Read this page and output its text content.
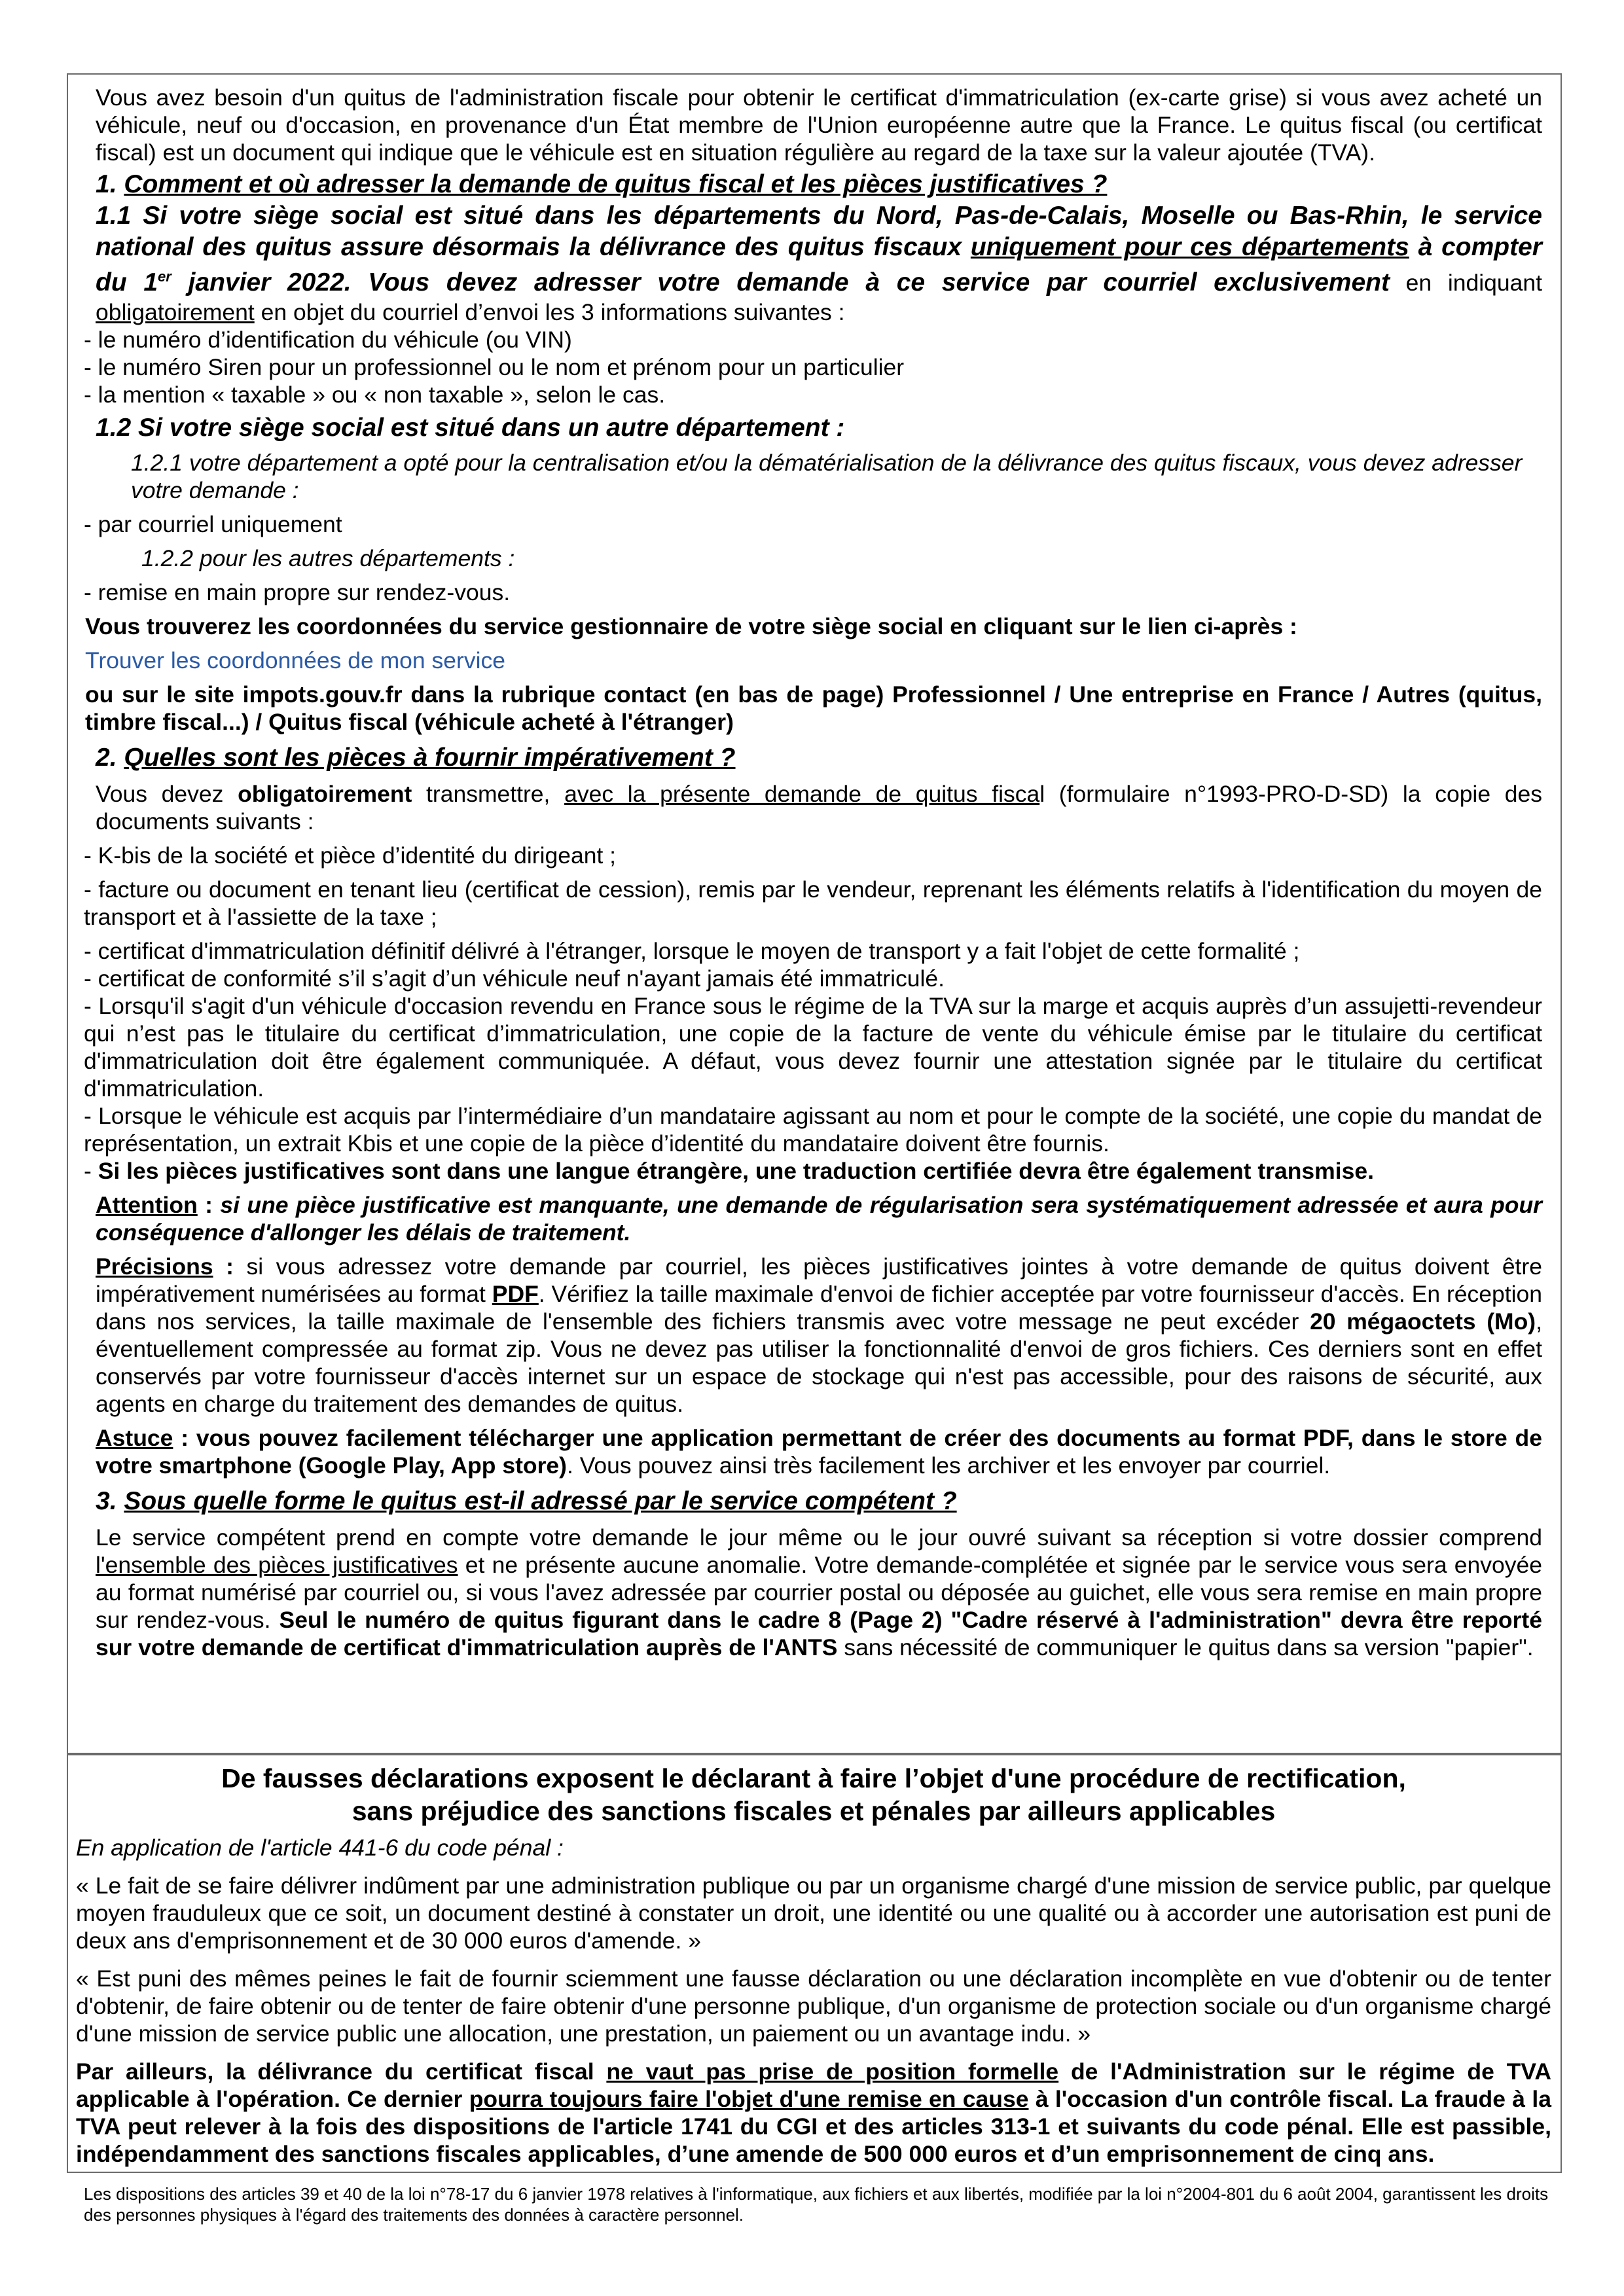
Vous avez besoin d'un quitus de l'administration fiscale pour obtenir le certificat d'immatriculation (ex-carte grise) si vous avez acheté un véhicule, neuf ou d'occasion, en provenance d'un État membre de l'Union européenne autre que la France. Le quitus fiscal (ou certificat fiscal) est un document qui indique que le véhicule est en situation régulière au regard de la taxe sur la valeur ajoutée (TVA).

1. Comment et où adresser la demande de quitus fiscal et les pièces justificatives ?

1.1 Si votre siège social est situé dans les départements du Nord, Pas-de-Calais, Moselle ou Bas-Rhin, le service national des quitus assure désormais la délivrance des quitus fiscaux uniquement pour ces départements à compter du 1er janvier 2022. Vous devez adresser votre demande à ce service par courriel exclusivement en indiquant obligatoirement en objet du courriel d’envoi les 3 informations suivantes :

- le numéro d’identification du véhicule (ou VIN)

- le numéro Siren pour un professionnel ou le nom et prénom pour un particulier

- la mention « taxable » ou « non taxable », selon le cas.

1.2 Si votre siège social est situé dans un autre département :

1.2.1 votre département a opté pour la centralisation et/ou la dématérialisation de la délivrance des quitus fiscaux, vous devez adresser votre demande :

- par courriel uniquement

1.2.2 pour les autres départements :

- remise en main propre sur rendez-vous.

Vous trouverez les coordonnées du service gestionnaire de votre siège social en cliquant sur le lien ci-après :

Trouver les coordonnées de mon service

ou sur le site impots.gouv.fr dans la rubrique contact (en bas de page) Professionnel / Une entreprise en France / Autres (quitus, timbre fiscal...) / Quitus fiscal (véhicule acheté à l'étranger)

2. Quelles sont les pièces à fournir impérativement ?

Vous devez obligatoirement transmettre, avec la présente demande de quitus fiscal (formulaire n°1993-PRO-D-SD) la copie des documents suivants :

- K-bis de la société et pièce d’identité du dirigeant ;

- facture ou document en tenant lieu (certificat de cession), remis par le vendeur, reprenant les éléments relatifs à l'identification du moyen de transport et à l'assiette de la taxe ;

- certificat d'immatriculation définitif délivré à l'étranger, lorsque le moyen de transport y a fait l'objet de cette formalité ;

- certificat de conformité s’il s’agit d’un véhicule neuf n'ayant jamais été immatriculé.

- Lorsqu'il s'agit d'un véhicule d'occasion revendu en France sous le régime de la TVA sur la marge et acquis auprès d’un assujetti-revendeur qui n’est pas le titulaire du certificat d’immatriculation, une copie de la facture de vente du véhicule émise par le titulaire du certificat d'immatriculation doit être également communiquée. A défaut, vous devez fournir une attestation signée par le titulaire du certificat d'immatriculation.

- Lorsque le véhicule est acquis par l’intermédiaire d’un mandataire agissant au nom et pour le compte de la société, une copie du mandat de représentation, un extrait Kbis et une copie de la pièce d’identité du mandataire doivent être fournis.

- Si les pièces justificatives sont dans une langue étrangère, une traduction certifiée devra être également transmise.

Attention : si une pièce justificative est manquante, une demande de régularisation sera systématiquement adressée et aura pour conséquence d'allonger les délais de traitement.

Précisions : si vous adressez votre demande par courriel, les pièces justificatives jointes à votre demande de quitus doivent être impérativement numérisées au format PDF. Vérifiez la taille maximale d'envoi de fichier acceptée par votre fournisseur d'accès. En réception dans nos services, la taille maximale de l'ensemble des fichiers transmis avec votre message ne peut excéder 20 mégaoctets (Mo), éventuellement compressée au format zip. Vous ne devez pas utiliser la fonctionnalité d'envoi de gros fichiers. Ces derniers sont en effet conservés par votre fournisseur d'accès internet sur un espace de stockage qui n'est pas accessible, pour des raisons de sécurité, aux agents en charge du traitement des demandes de quitus.

Astuce : vous pouvez facilement télécharger une application permettant de créer des documents au format PDF, dans le store de votre smartphone (Google Play, App store). Vous pouvez ainsi très facilement les archiver et les envoyer par courriel.

3. Sous quelle forme le quitus est-il adressé par le service compétent ?

Le service compétent prend en compte votre demande le jour même ou le jour ouvré suivant sa réception si votre dossier comprend l'ensemble des pièces justificatives et ne présente aucune anomalie. Votre demande-complétée et signée par le service vous sera envoyée au format numérisé par courriel ou, si vous l'avez adressée par courrier postal ou déposée au guichet, elle vous sera remise en main propre sur rendez-vous. Seul le numéro de quitus figurant dans le cadre 8 (Page 2) "Cadre réservé à l'administration" devra être reporté sur votre demande de certificat d'immatriculation auprès de l'ANTS sans nécessité de communiquer le quitus dans sa version "papier".

De fausses déclarations exposent le déclarant à faire l’objet d'une procédure de rectification,
sans préjudice des sanctions fiscales et pénales par ailleurs applicables

En application de l'article 441-6 du code pénal :

« Le fait de se faire délivrer indûment par une administration publique ou par un organisme chargé d'une mission de service public, par quelque moyen frauduleux que ce soit, un document destiné à constater un droit, une identité ou une qualité ou à accorder une autorisation est puni de deux ans d'emprisonnement et de 30 000 euros d'amende. »

« Est puni des mêmes peines le fait de fournir sciemment une fausse déclaration ou une déclaration incomplète en vue d'obtenir ou de tenter d'obtenir, de faire obtenir ou de tenter de faire obtenir d'une personne publique, d'un organisme de protection sociale ou d'un organisme chargé d'une mission de service public une allocation, une prestation, un paiement ou un avantage indu. »

Par ailleurs, la délivrance du certificat fiscal ne vaut pas prise de position formelle de l'Administration sur le régime de TVA applicable à l'opération. Ce dernier pourra toujours faire l'objet d'une remise en cause à l'occasion d'un contrôle fiscal. La fraude à la TVA peut relever à la fois des dispositions de l'article 1741 du CGI et des articles 313-1 et suivants du code pénal. Elle est passible, indépendamment des sanctions fiscales applicables, d’une amende de 500 000 euros et d’un emprisonnement de cinq ans.

Les dispositions des articles 39 et 40 de la loi n°78-17 du 6 janvier 1978 relatives à l'informatique, aux fichiers et aux libertés, modifiée par la loi n°2004-801 du 6 août 2004, garantissent les droits des personnes physiques à l'égard des traitements des données à caractère personnel.
